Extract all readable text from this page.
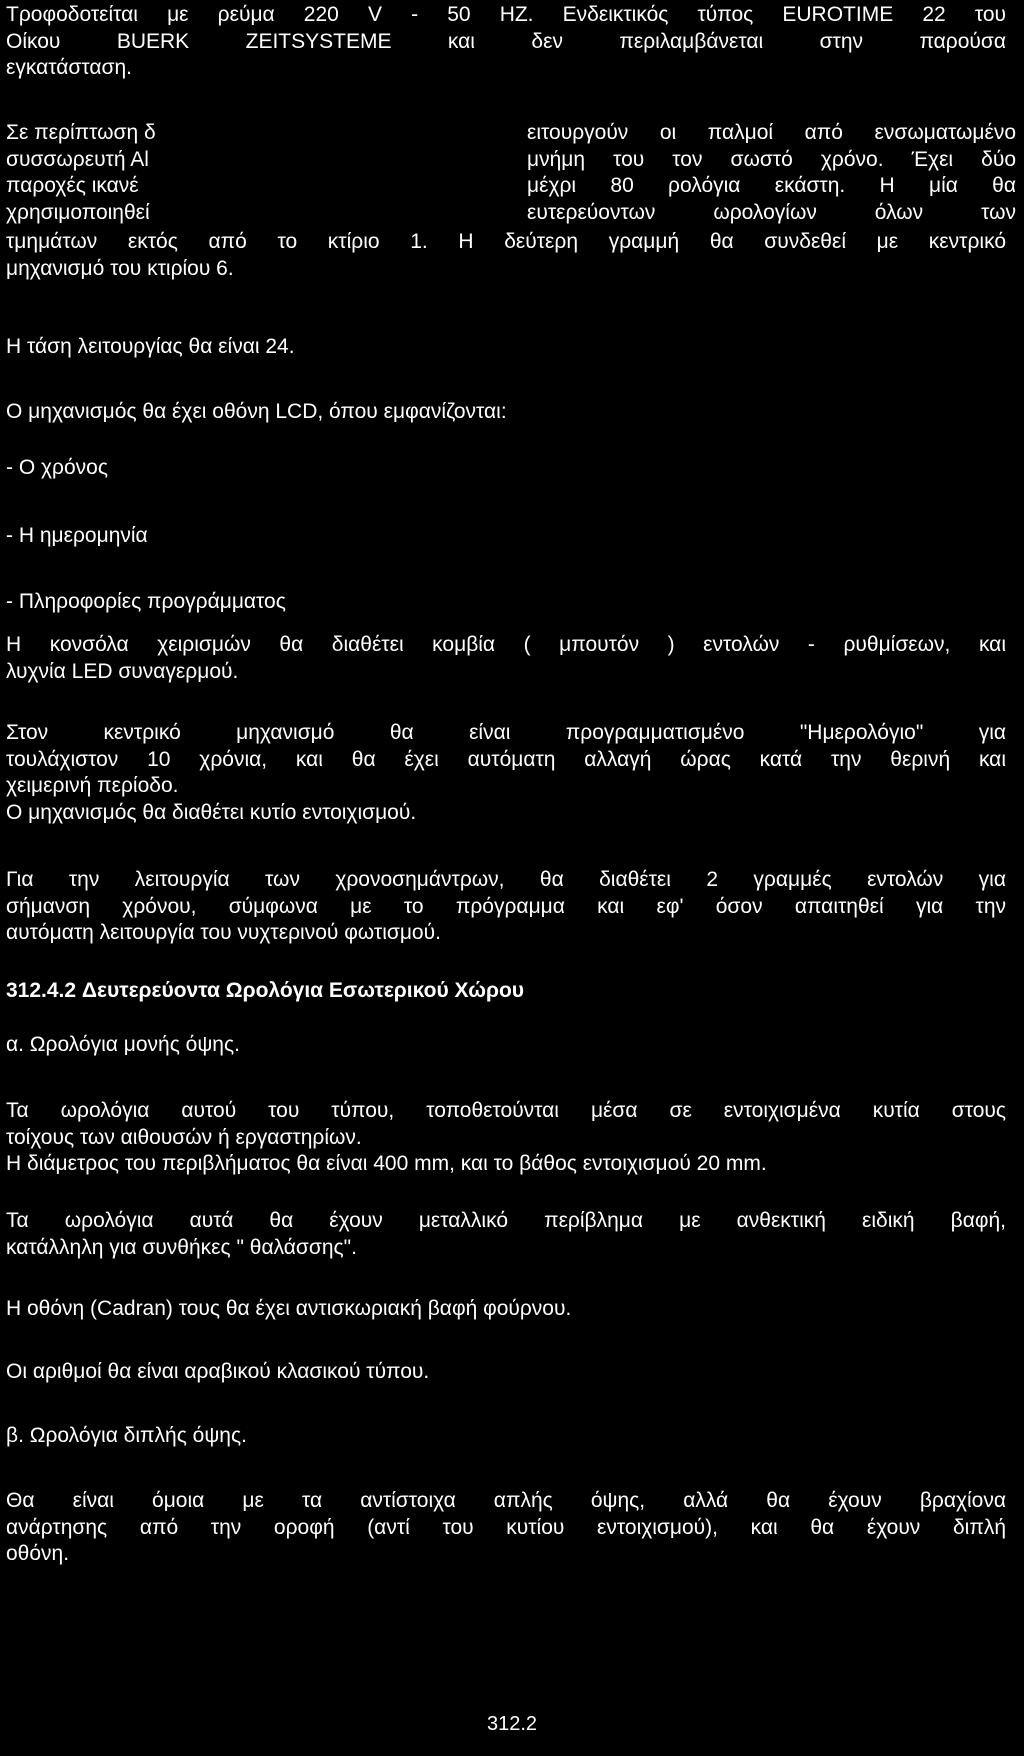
Τροφοδοτείται με ρεύμα 220 V - 50 HZ. Ενδεικτικός τύπος EUROTIME 22 του
Οίκου BUERK ZEITSYSTEME και δεν περιλαμβάνεται στην παρούσα
εγκατάσταση.
Σε περίπτωση δ
συσσωρευτή Αl
παροχές ικανέ
χρησιμοποιηθεί
ειτουργούν οι παλμοί από ενσωματωμένο
μνήμη του τον σωστό χρόνο. Έχει δύο
μέχρι 80 ρολόγια εκάστη. Η μία θα
ευτερεύοντων ωρολογίων όλων των
τμημάτων εκτός από το κτίριο 1. Η δεύτερη γραμμή θα συνδεθεί με κεντρικό
μηχανισμό του κτιρίου 6.
Η τάση λειτουργίας θα είναι 24.
Ο μηχανισμός θα έχει οθόνη LCD, όπου εμφανίζονται:
- Ο χρόνος
- Η ημερομηνία
- Πληροφορίες προγράμματος
Η κονσόλα χειρισμών θα διαθέτει κομβία ( μπουτόν ) εντολών - ρυθμίσεων, και
λυχνία LED συναγερμού.
Στον κεντρικό μηχανισμό θα είναι προγραμματισμένο "Ημερολόγιο" για
τουλάχιστον 10 χρόνια, και θα έχει αυτόματη αλλαγή ώρας κατά την θερινή και
χειμερινή περίοδο.
Ο μηχανισμός θα διαθέτει κυτίο εντοιχισμού.
Για την λειτουργία των χρονοσημάντρων, θα διαθέτει 2 γραμμές εντολών για
σήμανση χρόνου, σύμφωνα με το πρόγραμμα και εφ' όσον απαιτηθεί για την
αυτόματη λειτουργία του νυχτερινού φωτισμού.
312.4.2 Δευτερεύοντα Ωρολόγια Εσωτερικού Χώρου
α. Ωρολόγια μονής όψης.
Τα ωρολόγια αυτού του τύπου, τοποθετούνται μέσα σε εντοιχισμένα κυτία στους
τοίχους των αιθουσών ή εργαστηρίων.
Η διάμετρος του περιβλήματος θα είναι 400 mm, και το βάθος εντοιχισμού 20 mm.
Τα ωρολόγια αυτά θα έχουν μεταλλικό περίβλημα με ανθεκτική ειδική βαφή,
κατάλληλη για συνθήκες " θαλάσσης".
Η οθόνη (Cadran) τους θα έχει αντισκωριακή βαφή φούρνου.
Οι αριθμοί θα είναι αραβικού κλασικού τύπου.
β. Ωρολόγια διπλής όψης.
Θα είναι όμοια με τα αντίστοιχα απλής όψης, αλλά θα έχουν βραχίονα
ανάρτησης από την οροφή (αντί του κυτίου εντοιχισμού), και θα έχουν διπλή
οθόνη.
312.2
